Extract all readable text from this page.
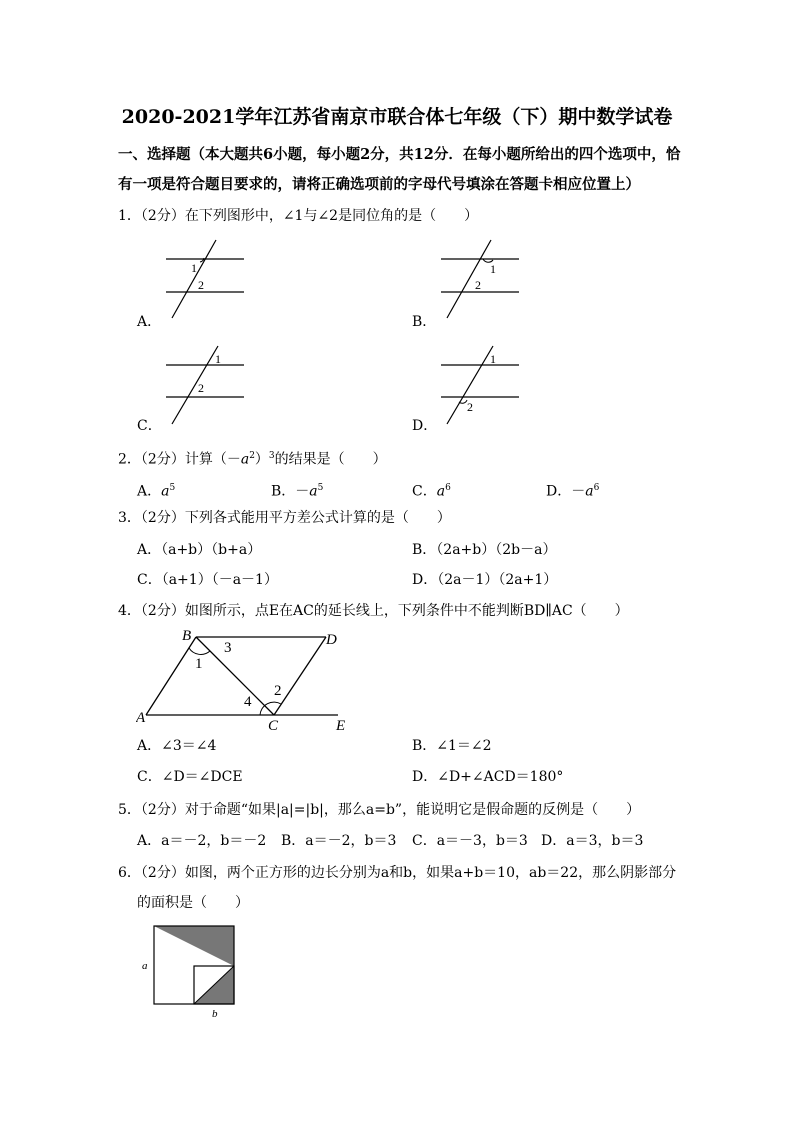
2020-2021学年江苏省南京市联合体七年级（下）期中数学试卷
一、选择题（本大题共6小题，每小题2分，共12分．在每小题所给出的四个选项中，恰
有一项是符合题目要求的，请将正确选项前的字母代号填涂在答题卡相应位置上）
1．（2分）在下列图形中，∠1与∠2是同位角的是（　　）
A．
1
2
B．
1
2
C．
1
2
D．
1
2
2．（2分）计算$(-a^2)^3$的结果是（　　）
A．$a^5$	B．$-a^5$	C．$a^6$	D．$-a^6$
3．（2分）下列各式能用平方差公式计算的是（　　）
A．（a+b）（b+a）	B．（2a+b）（2b－a）
C．（a+1）（－a－1）	D．（2a－1）（2a+1）
4．（2分）如图所示，点E在AC的延长线上，下列条件中不能判断BD∥AC（　　）
B	D
A	C	E
1
2
3
4
A．∠3＝∠4	B．∠1＝∠2
C．∠D＝∠DCE	D．∠D+∠ACD＝180°
5．（2分）对于命题“如果|a|=|b|，那么a=b”，能说明它是假命题的反例是（　　）
A．a＝－2，b＝－2 B．a＝－2，b＝3 C．a＝－3，b＝3 D．a＝3，b＝3
6．（2分）如图，两个正方形的边长分别为a和b，如果a+b＝10，ab＝22，那么阴影部分
的面积是（　　）
a
b
